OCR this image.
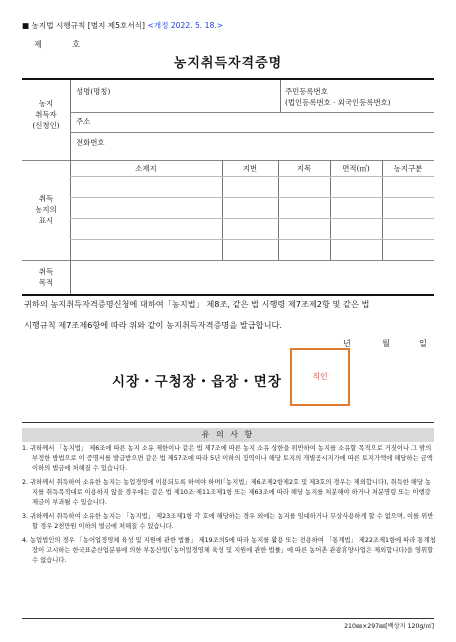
■ 농지법 시행규칙 [별지 제5호서식] <개정 2022. 5. 18.>
제 호
농지취득자격증명
농지
취득자
(신청인)
성명(명칭)	주민등록번호
(법인등록번호 · 외국인등록번호)
주소
전화번호
취득
농지의
표시
소재지	지번	지목	면적(㎡)	농지구분
취득
목적
귀하의 농지취득자격증명신청에 대하여「농지법」 제8조, 같은 법 시행령 제7조제2항 및 같은 법
시행규칙 제7조제6항에 따라 위와 같이 농지취득자격증명을 발급합니다.
년	월	일
시장・구청장・읍장・면장	직인
유 의 사 항

1. 귀하께서 「농지법」 제6조에 따른 농지 소유 제한이나 같은 법 제7조에 따른 농지 소유 상한을 위반하여 농지를 소유할 목적으로 거짓이나 그 밖의 부정한 방법으로 이 증명서를 발급받으면 같은 법 제57조에 따라 5년 이하의 징역이나 해당 토지의 개별공시지가에 따른 토지가액에 해당하는 금액 이하의 벌금에 처해질 수 있습니다.

2. 귀하께서 취득하여 소유한 농지는 농업경영에 이용되도록 하여야 하며(「농지법」제6조제2항제2호 및 제3호의 경우는 제외합니다), 취득한 해당 농지를 취득목적대로 이용하지 않을 경우에는 같은 법 제10조·제11조제1항 또는 제63조에 따라 해당 농지를 처분해야 하거나 처분명령 또는 이행강제금이 부과될 수 있습니다.

3. 귀하께서 취득하여 소유한 농지는 「농지법」 제23조제1항 각 호에 해당하는 경우 외에는 농지를 임대하거나 무상사용하게 할 수 없으며, 이를 위반할 경우 2천만원 이하의 벌금에 처해질 수 있습니다.

4. 농업법인의 경우 「농어업경영체 육성 및 지원에 관한 법률」 제19조의5에 따라 농지를 활용 또는 전용하여 「통계법」 제22조제1항에 따라 통계청장이 고시하는 한국표준산업분류에 의한 부동산업(「농어업경영체 육성 및 지원에 관한 법률」에 따른 농어촌 관광휴양사업은 제외합니다)을 영위할 수 없습니다.

210㎜×297㎜[백상지 120g/㎡]
